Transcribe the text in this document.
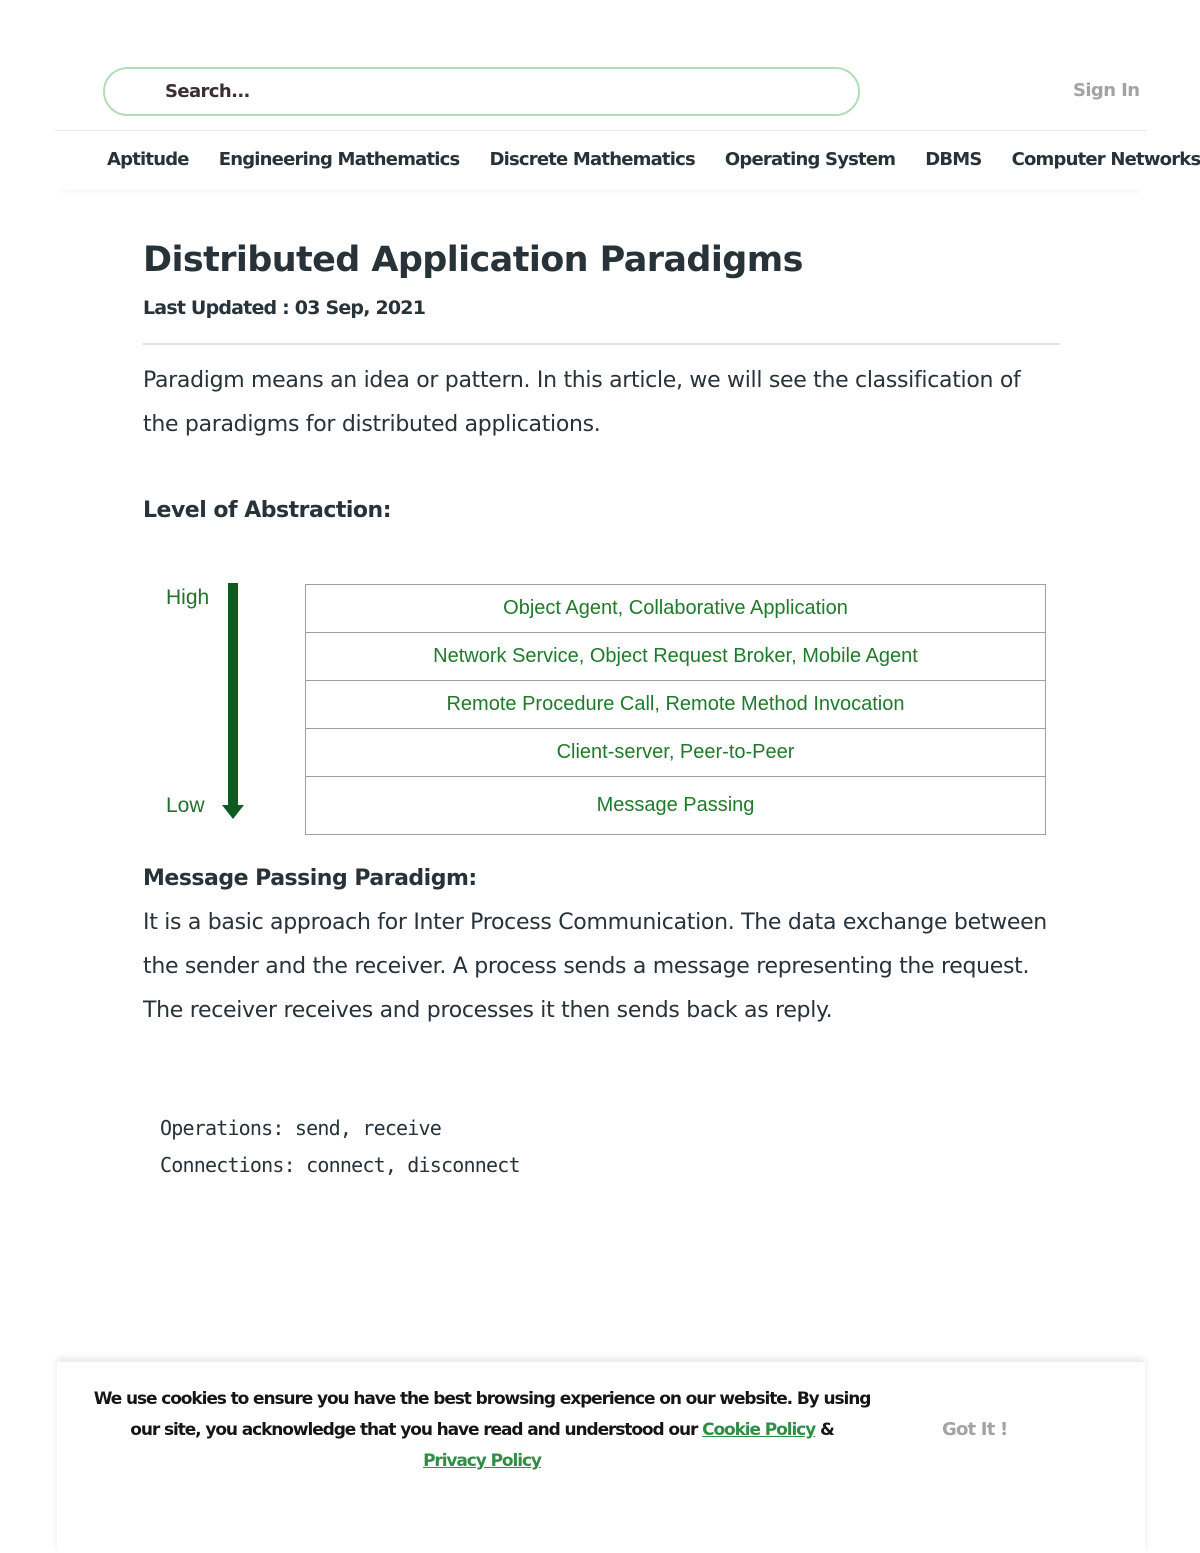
Search...
Sign In
Aptitude Engineering Mathematics Discrete Mathematics Operating System DBMS Computer Networks
Distributed Application Paradigms
Last Updated : 03 Sep, 2021
Paradigm means an idea or pattern. In this article, we will see the classification of the paradigms for distributed applications.
Level of Abstraction:
High
Low
Object Agent, Collaborative Application
Network Service, Object Request Broker, Mobile Agent
Remote Procedure Call, Remote Method Invocation
Client-server, Peer-to-Peer
Message Passing
Message Passing Paradigm:
It is a basic approach for Inter Process Communication. The data exchange between the sender and the receiver. A process sends a message representing the request. The receiver receives and processes it then sends back as reply.
Operations: send, receive
Connections: connect, disconnect
We use cookies to ensure you have the best browsing experience on our website. By using our site, you acknowledge that you have read and understood our Cookie Policy &
Privacy Policy
Got It !
